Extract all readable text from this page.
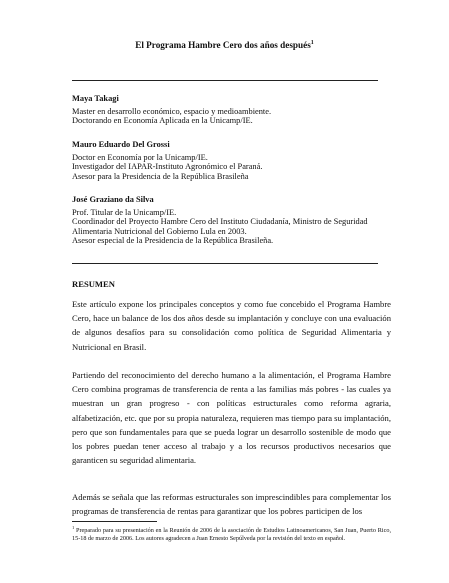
El Programa Hambre Cero dos años después$^1$
Maya Takagi
Master en desarrollo económico, espacio y medioambiente.
Doctorando en Economía Aplicada en la Unicamp/IE.
Mauro Eduardo Del Grossi
Doctor en Economía por la Unicamp/IE.
Investigador del IAPAR-Instituto Agronómico el Paraná.
Asesor para la Presidencia de la República Brasileña
José Graziano da Silva
Prof. Titular de la Unicamp/IE.
Coordinador del Proyecto Hambre Cero del Instituto Ciudadanía, Ministro de Seguridad
Alimentaria Nutricional del Gobierno Lula en 2003.
Asesor especial de la Presidencia de la República Brasileña.
RESUMEN
Este artículo expone los principales conceptos y como fue concebido el Programa Hambre Cero, hace un balance de los dos años desde su implantación y concluye con una evaluación de algunos desafíos para su consolidación como política de Seguridad Alimentaria y Nutricional en Brasil.
Partiendo del reconocimiento del derecho humano a la alimentación, el Programa Hambre Cero combina programas de transferencia de renta a las familias más pobres - las cuales ya muestran un gran progreso - con políticas estructurales como reforma agraria, alfabetización, etc. que por su propia naturaleza, requieren mas tiempo para su implantación, pero que son fundamentales para que se pueda lograr un desarrollo sostenible de modo que los pobres puedan tener acceso al trabajo y a los recursos productivos necesarios que garanticen su seguridad alimentaria.
Además se señala que las reformas estructurales son imprescindibles para complementar los programas de transferencia de rentas para garantizar que los pobres participen de los
$^1$ Preparado para su presentación en la Reunión de 2006 de la asociación de Estudios Latinoamericanos, San Juan, Puerto Rico, 15-18 de marzo de 2006. Los autores agradecen a Juan Ernesto Sepúlveda por la revisión del texto en español.
